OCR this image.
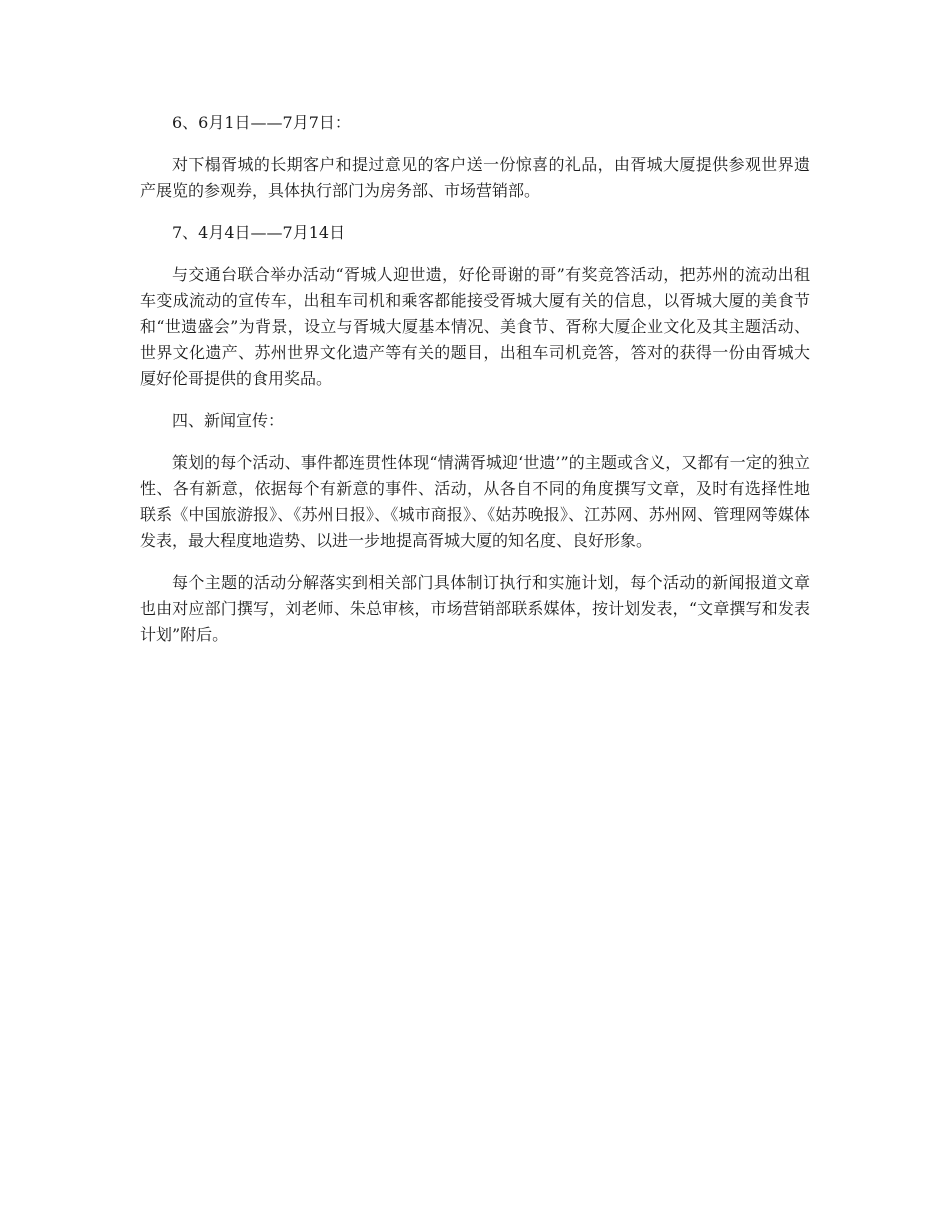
6、6月1日——7月7日：

对下榻胥城的长期客户和提过意见的客户送一份惊喜的礼品，由胥城大厦提供参观世界遗产展览的参观券，具体执行部门为房务部、市场营销部。

7、4月4日——7月14日

与交通台联合举办活动“胥城人迎世遗，好伦哥谢的哥”有奖竞答活动，把苏州的流动出租车变成流动的宣传车，出租车司机和乘客都能接受胥城大厦有关的信息，以胥城大厦的美食节和“世遗盛会”为背景，设立与胥城大厦基本情况、美食节、胥称大厦企业文化及其主题活动、世界文化遗产、苏州世界文化遗产等有关的题目，出租车司机竞答，答对的获得一份由胥城大厦好伦哥提供的食用奖品。

四、新闻宣传：

策划的每个活动、事件都连贯性体现“情满胥城迎‘世遗’”的主题或含义，又都有一定的独立性、各有新意，依据每个有新意的事件、活动，从各自不同的角度撰写文章，及时有选择性地联系《中国旅游报》、《苏州日报》、《城市商报》、《姑苏晚报》、江苏网、苏州网、管理网等媒体发表，最大程度地造势、以进一步地提高胥城大厦的知名度、良好形象。

每个主题的活动分解落实到相关部门具体制订执行和实施计划，每个活动的新闻报道文章也由对应部门撰写，刘老师、朱总审核，市场营销部联系媒体，按计划发表，“文章撰写和发表计划”附后。
